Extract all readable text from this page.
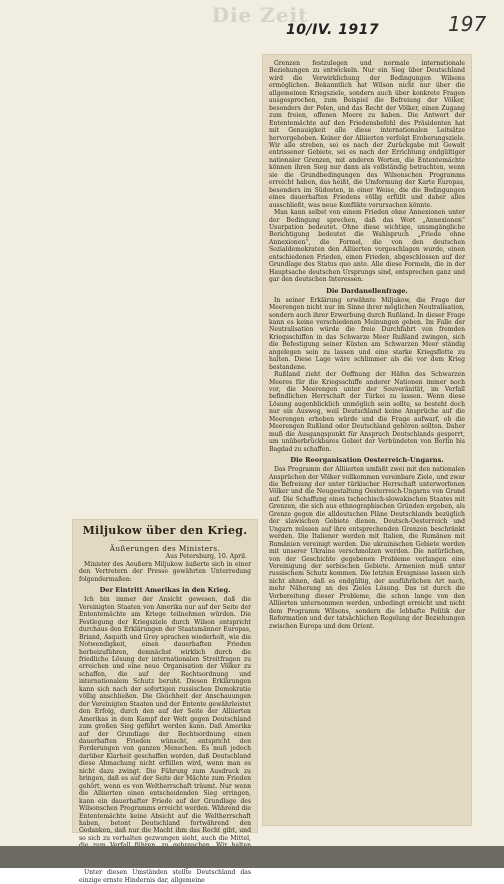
Die Zeit
10/IV. 1917	197

Grenzen festzulegen und normale internationale Beziehungen zu entwickeln. Nur ein Sieg über Deutschland wird die Verwirklichung der Bedingungen Wilsons ermöglichen. Bekanntlich hat Wilson nicht nur über die allgemeinen Kriegsziele, sondern auch über konkrete Fragen ausgesprochen, zum Beispiel die Befreiung der Völker, besonders der Polen, und das Recht der Völker, einen Zugang zum freien, offenen Meere zu haben. Die Antwort der Ententemächte auf den Friedensbefehl des Präsidenten hat mit Genauigkeit alle diese internationalen Leitsätze hervorgehoben. Keiner der Alliierten verfolgt Eroberungsziele. Wir alle streben, sei es nach der Zurückgabe mit Gewalt entrissener Gebiete, sei es nach der Errichtung endgültiger nationaler Grenzen, mit anderen Worten, die Ententemächte können ihren Sieg nur dann als vollständig betrachten, wenn sie die Grundbedingungen des Wilsonschen Programms erreicht haben, das heißt, die Umformung der Karte Europas, besonders im Südosten, in einer Weise, die die Bedingungen eines dauerhaften Friedens völlig erfüllt und daher alles ausschließt, was neue Konflikte verursachen könnte.

Man kann selbst von einem Frieden ohne Annexionen unter der Bedingung sprechen, daß das Wort „Annexionen“ Usurpation bedeutet. Ohne diese wichtige, unumgängliche Berichtigung bedeutet die Wahlspruch „Friede ohne Annexionen“, die Formel, die von den deutschen Sozialdemokraten den Alliierten vorgeschlagen wurde, einen entschiedenen Frieden, einen Frieden, abgeschlossen auf der Grundlage des Status quo ante. Alle diese Formeln, die in der Hauptsache deutschen Ursprungs sind, entsprechen ganz und gar den deutschen Interessen.

Die Dardanellenfrage.

In seiner Erklärung erwähnte Miljukow, die Frage der Meerengen nicht nur im Sinne ihrer möglichen Neutralisation, sondern auch ihrer Erwerbung durch Rußland. In dieser Frage kann es keine verschiedenen Meinungen geben. Im Falle der Neutralisation würde die freie Durchfahrt von fremden Kriegsschiffen in das Schwarze Meer Rußland zwingen, sich die Befestigung seiner Küsten am Schwarzen Meer ständig angelegen sein zu lassen und eine starke Kriegsflotte zu halten. Diese Lage wäre schlimmer als die vor dem Krieg bestandene.

Rußland zieht der Oeffnung der Häfen des Schwarzen Meeres für die Kriegsschiffe anderer Nationen immer noch vor, die Meerengen unter der Souveränität, im Verfall befindlichen Herrschaft der Türkei zu lassen. Wenn diese Lösung augenblicklich unmöglich sein sollte, so besteht doch nur ein Ausweg, weil Deutschland keine Ansprüche auf die Meerengen erheben würde und die Frage aufwarf, ob die Meerengen Rußland oder Deutschland gehören sollten. Daher muß die Ausgangspunkt für Anspruch Deutschlands gesperrt, um unüberbrückbares Gebiet der Verbündeten von Berlin bis Bagdad zu schaffen.

Die Reorganisation Oesterreich-Ungarns.

Das Programm der Alliierten umfaßt zwei mit den nationalen Ansprüchen der Völker vollkommen vereinbare Ziele, und zwar die Befreiung der unter türkischer Herrschaft unterworfenen Völker und die Neugestaltung Oesterreich-Ungarns von Grund auf. Die Schaffung eines tschechisch-slowakischen Staates mit Grenzen, die sich aus ethnographischen Gründen ergeben, als Grenze gegen die alldeutschen Pläne Deutschlands bezüglich der slawischen Gebiete dienen. Deutsch-Oesterreich und Ungarn müssen auf ihre entsprechenden Grenzen beschränkt werden. Die Italiener werden mit Italien, die Rumänen mit Rumänien vereinigt werden. Die ukrainischen Gebiete werden mit unserer Ukraine verschmolzen werden. Die natürlichen, von der Geschichte gegebenen Probleme verlangen eine Vereinigung der serbischen Gebiete. Armenien muß unter russischem Schutz kommen. Die letzten Ereignisse lassen sich nicht ahnen, daß es endgültig, der ausführlichen Art nach, mehr Näherung an des Zieles Lösung. Das ist durch die Vorbereitung dieser Probleme, die schon lange von den Alliierten unternommen werden, unbedingt erreicht und nicht dem Programm Wilsons, sondern die lebhafte Politik der Reformation und der tatsächlichen Regelung der Beziehungen zwischen Europa und dem Orient.

Miljukow über den Krieg.
Äußerungen des Ministers.
Aus Petersburg, 10. April.

Minister des Aeußern Miljukow äußerte sich in einer den Vertretern der Presse gewährten Unterredung folgendermaßen:

Der Eintritt Amerikas in den Krieg.

Ich bin immer der Ansicht gewesen, daß die Vereinigten Staaten von Amerika nur auf der Seite der Ententemächte am Kriege teilnehmen würden. Die Festlegung der Kriegsziele durch Wilson entspricht durchaus den Erklärungen der Staatsmänner Europas, Briand, Asquith und Grey sprachen wiederholt, wie die Notwendigkeit, einen dauerhaften Frieden herbeizuführen, demnächst wirklich durch die friedliche Lösung der internationalen Streitfragen zu erreichen und eine neue Organisation der Völker zu schaffen, die auf der Rechtsordnung und internationalem Schutz beruht. Diesen Erklärungen kann sich nach der sofortigen russischen Demokratie völlig anschließen. Die Gleichheit der Anschauungen der Vereinigten Staaten und der Entente gewährleistet den Erfolg, durch den auf der Seite der Alliierten Amerikas in dem Kampf der Welt gegen Deutschland zum großen Sieg geführt werden kann. Daß Amerika auf der Grundlage der Rechtsordnung einen dauerhaften Frieden wünscht, entspricht den Forderungen von ganzen Menschen. Es muß jedoch darüber Klarheit geschaffen werden, daß Deutschland diese Abmachung nicht erfüllen wird, wenn man es nicht dazu zwingt. Die Führung zum Ausdruck zu bringen, daß es auf der Seite der Mächte zum Frieden gehört, wenn es von Weltherrschaft träumt. Nur wenn die Alliierten einen entscheidenden Sieg erringen, kann ein dauerhafter Friede auf der Grundlage des Wilsonschen Programms erreicht werden. Während die Ententemächte keine Absicht auf die Weltherrschaft haben, betont Deutschland fortwährend den Gedanken, daß nur die Macht ihm das Recht gibt, und so sich zu verhalten gezwungen sieht, auch die Mittel,

Unter diesen Umständen stellte Deutschland das einzige ernste Hindernis dar, allgemeine
